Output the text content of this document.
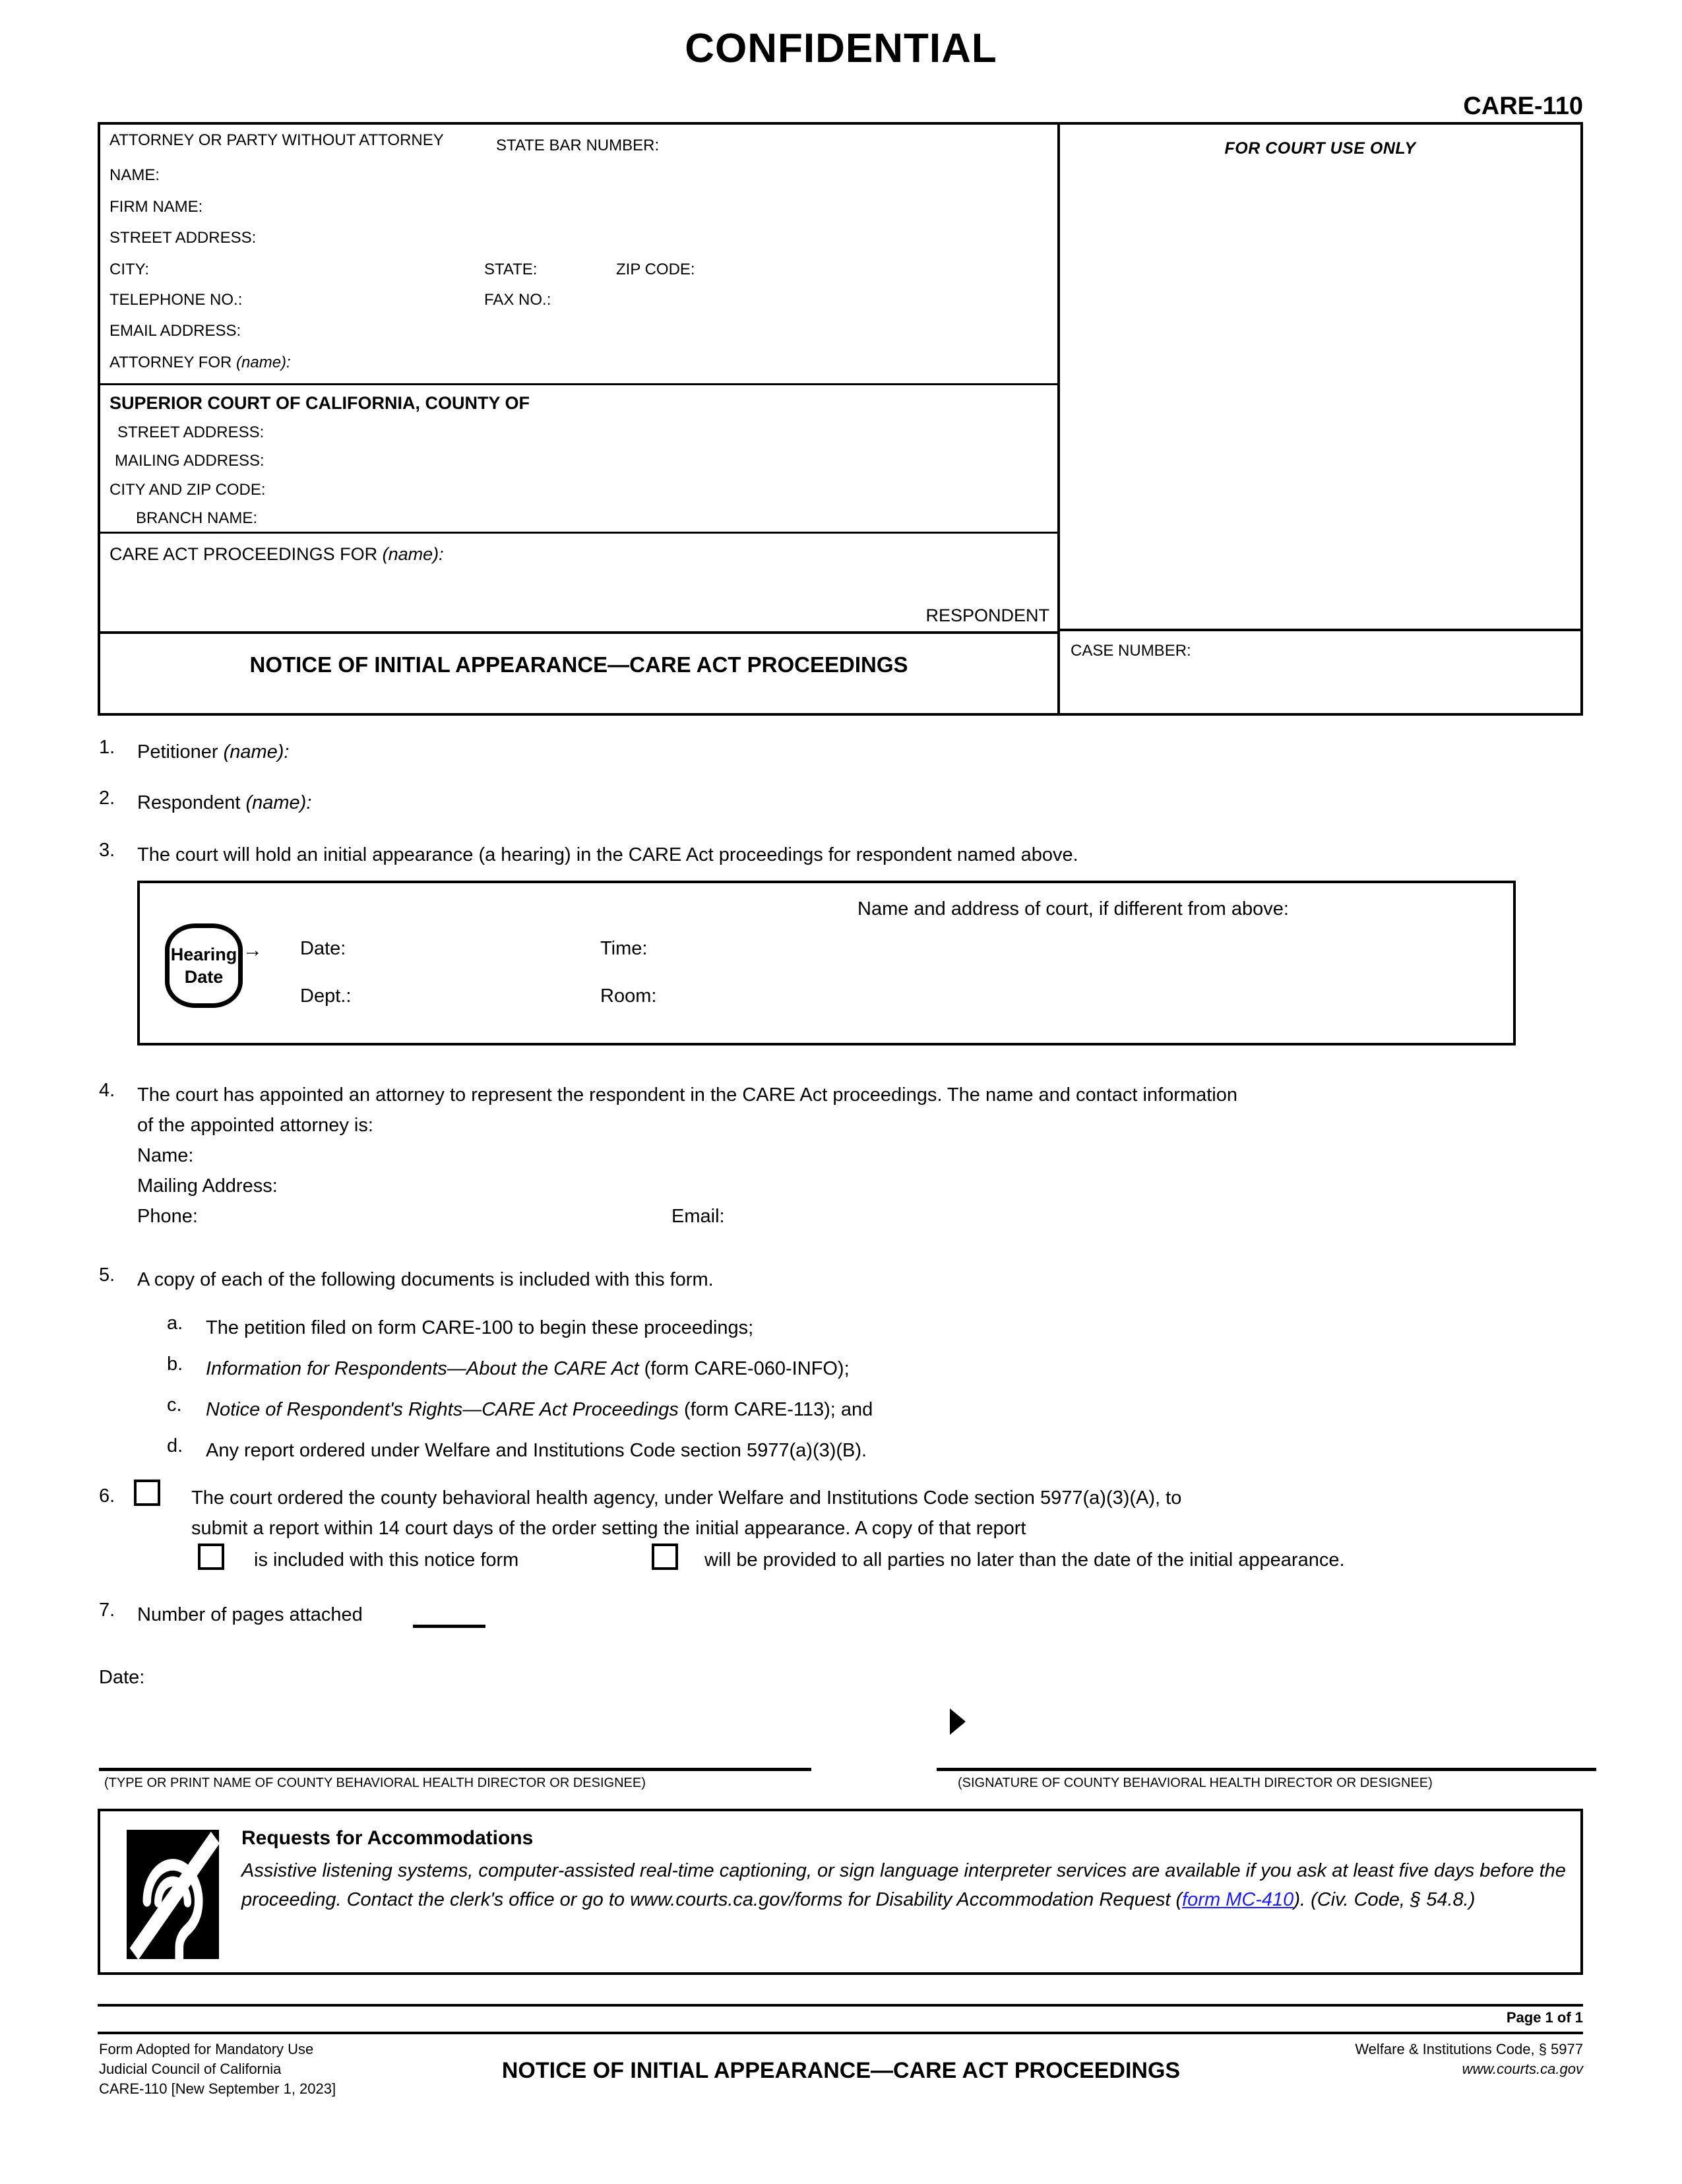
CONFIDENTIAL
CARE-110
ATTORNEY OR PARTY WITHOUT ATTORNEY	STATE BAR NUMBER:
NAME:
FIRM NAME:
STREET ADDRESS:
CITY:	STATE:	ZIP CODE:
TELEPHONE NO.:	FAX NO.:
EMAIL ADDRESS:
ATTORNEY FOR (name):
SUPERIOR COURT OF CALIFORNIA, COUNTY OF
STREET ADDRESS:
MAILING ADDRESS:
CITY AND ZIP CODE:
BRANCH NAME:
CARE ACT PROCEEDINGS FOR (name):
RESPONDENT
NOTICE OF INITIAL APPEARANCE—CARE ACT PROCEEDINGS
FOR COURT USE ONLY
CASE NUMBER:
1. Petitioner (name):
2. Respondent (name):
3. The court will hold an initial appearance (a hearing) in the CARE Act proceedings for respondent named above.
Name and address of court, if different from above:
Hearing
Date
→ Date:	Time:
Dept.:	Room:
4. The court has appointed an attorney to represent the respondent in the CARE Act proceedings. The name and contact information
of the appointed attorney is:
Name:
Mailing Address:
Phone:	Email:
5. A copy of each of the following documents is included with this form.
a. The petition filed on form CARE-100 to begin these proceedings;
b. Information for Respondents—About the CARE Act (form CARE-060-INFO);
c. Notice of Respondent's Rights—CARE Act Proceedings (form CARE-113); and
d. Any report ordered under Welfare and Institutions Code section 5977(a)(3)(B).
6.	The court ordered the county behavioral health agency, under Welfare and Institutions Code section 5977(a)(3)(A), to
submit a report within 14 court days of the order setting the initial appearance. A copy of that report
is included with this notice form	will be provided to all parties no later than the date of the initial appearance.
7. Number of pages attached
Date:
(TYPE OR PRINT NAME OF COUNTY BEHAVIORAL HEALTH DIRECTOR OR DESIGNEE)	(SIGNATURE OF COUNTY BEHAVIORAL HEALTH DIRECTOR OR DESIGNEE)
Requests for Accommodations
Assistive listening systems, computer-assisted real-time captioning, or sign language interpreter services are available if you ask at least five days before the proceeding. Contact the clerk's office or go to www.courts.ca.gov/forms for Disability Accommodation Request (form MC-410). (Civ. Code, § 54.8.)
Page 1 of 1
Form Adopted for Mandatory Use
Judicial Council of California
CARE-110 [New September 1, 2023]
NOTICE OF INITIAL APPEARANCE—CARE ACT PROCEEDINGS
Welfare & Institutions Code, § 5977
www.courts.ca.gov
